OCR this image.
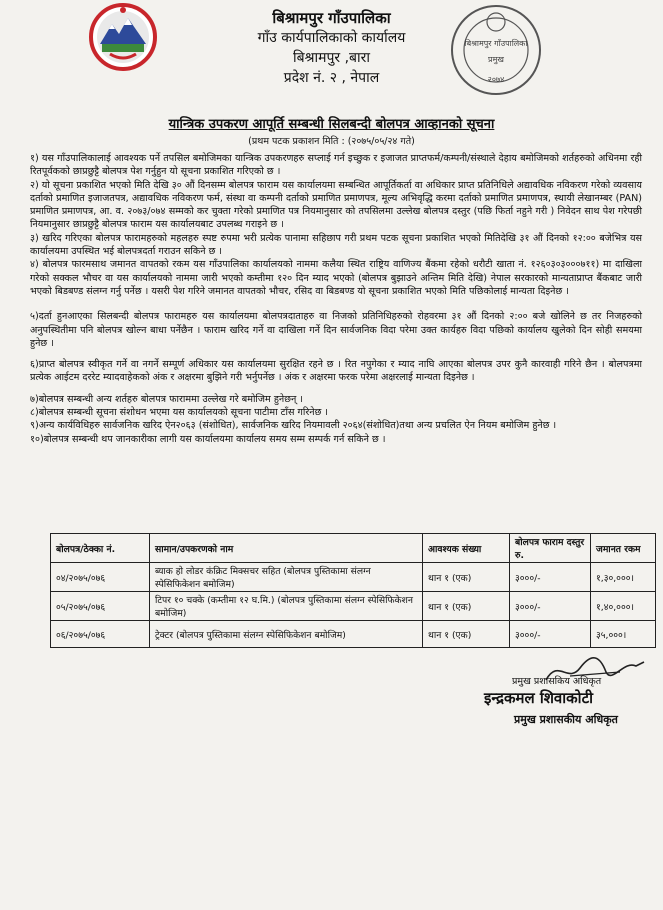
बिश्रामपुर गाँउपालिका
गाँउ कार्यपालिकाको कार्यालय
बिश्रामपुर ,बारा
प्रदेश नं. २ , नेपाल
बिश्रामपुर गाँउपालिका
प्रमुख
२०७४
यान्त्रिक उपकरण आपूर्ति सम्बन्धी सिलबन्दी बोलपत्र आव्हानको सूचना
(प्रथम पटक प्रकाशन मिति : (२०७५/०५/२४ गते)

१) यस गाँउपालिकालाई आवश्यक पर्ने तपसिल बमोजिमका यान्त्रिक उपकरणहरु सप्लाई गर्न इच्छुक र इजाजत प्राप्तफर्म/कम्पनी/संस्थाले देहाय बमोजिमको शर्तहरुको अधिनमा रही रितपूर्वकको छाप्रछुट्टै बोलपत्र पेश गर्नुहुन यो सूचना प्रकाशित गरिएको छ ।

२) यो सूचना प्रकाशित भएको मिति देखि ३० औं दिनसम्म बोलपत्र फाराम यस कार्यालयमा सम्बन्धित आपूर्तिकर्ता वा अधिकार प्राप्त प्रतिनिधिले अद्यावधिक नविकरण गरेको व्यवसाय दर्ताको प्रमाणित इजाजतपत्र, अद्यावधिक नविकरण फर्म, संस्था वा कम्पनी दर्ताको प्रमाणित प्रमाणपत्र, मूल्य अभिवृद्धि करमा दर्ताको प्रमाणित प्रमाणपत्र, स्थायी लेखानम्बर (PAN) प्रमाणित प्रमाणपत्र, आ. व. २०७३/०७४ सम्मको कर चुक्ता गरेको प्रमाणित पत्र नियमानुसार को तपसिलमा उल्लेख बोलपत्र दस्तुर (पछि फिर्ता नहुने गरी ) निवेदन साथ पेश गरेपछी नियमानुसार छाप्रछुट्टै बोलपत्र फाराम यस कार्यालयबाट उपलब्ध गराइने छ ।

३) खरिद गरिएका बोलपत्र फारामहरुको महलहरु स्पष्ट रुपमा भरी प्रत्येक पानामा सहिछाप गरी प्रथम पटक सूचना प्रकाशित भएको मितिदेखि ३१ औं दिनको १२:०० बजेभित्र यस कार्यालयमा उपस्थित भई बोलपत्रदर्ता गराउन सकिने छ ।

४) बोलपत्र फारमसाथ जमानत वापतको रकम यस गाँउपालिका कार्यालयको नाममा कलैया स्थित राष्ट्रिय वाणिज्य बैंकमा रहेको धरौटी खाता नं. १२६०३०३०००७११) मा दाखिला गरेको सक्कल भौचर वा यस कार्यालयको नाममा जारी भएको कम्तीमा १२० दिन म्याद भएको (बोलपत्र बुझाउने अन्तिम मिति देखि) नेपाल सरकारको मान्यताप्राप्त बैंकबाट जारी भएको बिडबण्ड संलग्न गर्नु पर्नेछ । यसरी पेश गरिने जमानत वापतको भौचर, रसिद वा बिडबण्ड यो सूचना प्रकाशित भएको मिति पछिकोलाई मान्यता दिइनेछ ।

५)दर्ता हुनआएका सिलबन्दी बोलपत्र फारामहरु यस कार्यालयमा बोलपत्रदाताहरु वा निजको प्रतिनिधिहरुको रोहवरमा ३१ औं दिनको २:०० बजे खोलिने छ तर निजहरुको अनुपस्थितीमा पनि बोलपत्र खोल्न बाधा पर्नेछैन । फाराम खरिद गर्ने वा दाखिला गर्ने दिन सार्वजनिक विदा परेमा उक्त कार्यहरु विदा पछिको कार्यालय खुलेको दिन सोही समयमा हुनेछ ।

६)प्राप्त बोलपत्र स्वीकृत गर्ने वा नगर्ने सम्पूर्ण अधिकार यस कार्यालयमा सुरक्षित रहने छ । रित नपुगेका र म्याद नाघि आएका बोलपत्र उपर कुनै कारवाही गरिने छैन । बोलपत्रमा प्रत्येक आईटम दररेट म्यादवाहेकको अंक र अक्षरमा बुझिने गरी भर्नुपर्नेछ । अंक र अक्षरमा फरक परेमा अक्षरलाई मान्यता दिइनेछ ।

७)बोलपत्र सम्बन्धी अन्य शर्तहरु बोलपत्र फाराममा उल्लेख गरे बमोजिम हुनेछन् ।

८)बोलपत्र सम्बन्धी सूचना संशोधन भएमा यस कार्यालयको सूचना पाटीमा टाँस गरिनेछ ।

९)अन्य कार्यविधिहरु सार्वजनिक खरिद ऐन२०६३ (संशोधित), सार्वजनिक खरिद नियमावली २०६४(संशोधित)तथा अन्य प्रचलित ऐन नियम बमोजिम हुनेछ ।

१०)बोलपत्र सम्बन्धी थप जानकारीका लागी यस कार्यालयमा कार्यालय समय सम्म सम्पर्क गर्न सकिने छ ।

बोलपत्र/ठेक्का नं.	सामान/उपकरणको नाम	आवश्यक संख्या	बोलपत्र फाराम दस्तुर रु.	जमानत रकम
०४/२०७५/०७६	ब्याक हो लोडर कंक्रिट मिक्सचर सहित (बोलपत्र पुस्तिकामा संलग्न स्पेसिफिकेशन बमोजिम)	थान १ (एक)	३०००/-	१,३०,०००।
०५/२०७५/०७६	टिपर १० चक्के (कम्तीमा १२ घ.मि.) (बोलपत्र पुस्तिकामा संलग्न स्पेसिफिकेशन बमोजिम)	थान १ (एक)	३०००/-	१,४०,०००।
०६/२०७५/०७६	ट्रेक्टर (बोलपत्र पुस्तिकामा संलग्न स्पेसिफिकेशन बमोजिम)	थान १ (एक)	३०००/-	३५,०००।
प्रमुख प्रशासकिय अधिकृत
इन्द्रकमल शिवाकोटी
प्रमुख प्रशासकीय अधिकृत
